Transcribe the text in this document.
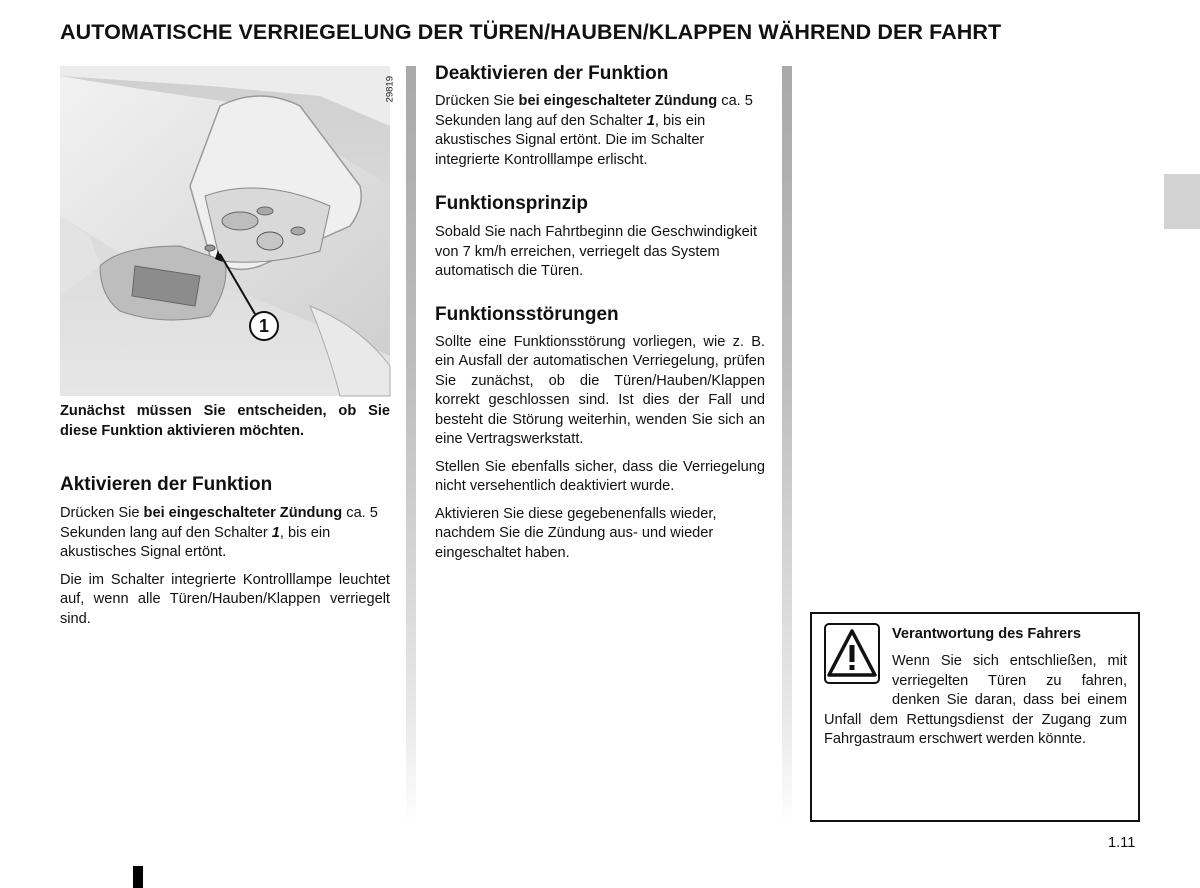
AUTOMATISCHE VERRIEGELUNG DER TÜREN/HAUBEN/KLAPPEN WÄHREND DER FAHRT
29819
1

Zunächst müssen Sie entscheiden, ob Sie diese Funktion aktivieren möchten.

Aktivieren der Funktion

Drücken Sie bei eingeschalteter Zündung ca. 5 Sekunden lang auf den Schalter 1, bis ein akustisches Signal ertönt.

Die im Schalter integrierte Kontrolllampe leuchtet auf, wenn alle Türen/Hauben/Klappen verriegelt sind.

Deaktivieren der Funktion

Drücken Sie bei eingeschalteter Zündung ca. 5 Sekunden lang auf den Schalter 1, bis ein akustisches Signal ertönt. Die im Schalter integrierte Kontrolllampe erlischt.

Funktionsprinzip

Sobald Sie nach Fahrtbeginn die Geschwindigkeit von 7 km/h erreichen, verriegelt das System automatisch die Türen.

Funktionsstörungen

Sollte eine Funktionsstörung vorliegen, wie z. B. ein Ausfall der automatischen Verriegelung, prüfen Sie zunächst, ob die Türen/Hauben/Klappen korrekt geschlossen sind. Ist dies der Fall und besteht die Störung weiterhin, wenden Sie sich an eine Vertragswerkstatt.

Stellen Sie ebenfalls sicher, dass die Verriegelung nicht versehentlich deaktiviert wurde.

Aktivieren Sie diese gegebenenfalls wieder, nachdem Sie die Zündung aus- und wieder eingeschaltet haben.

Verantwortung des Fahrers
Wenn Sie sich entschließen, mit verriegelten Türen zu fahren, denken Sie daran, dass bei einem Unfall dem Rettungsdienst der Zugang zum Fahrgastraum erschwert werden könnte.
1.11
